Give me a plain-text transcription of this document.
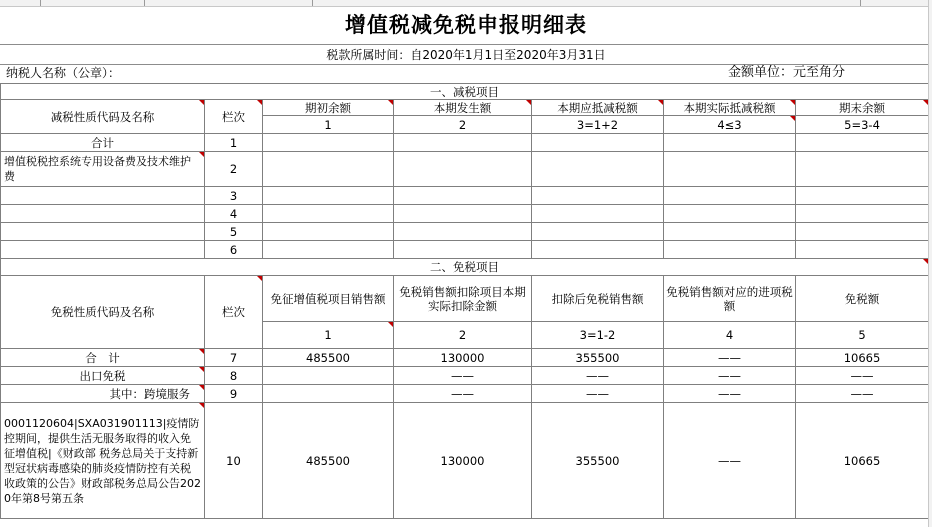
增值税减免税申报明细表
税款所属时间：自2020年1月1日至2020年3月31日
纳税人名称（公章）：	金额单位：元至角分
一、减税项目						
减税性质代码及名称	栏次	期初余额	本期发生额	本期应抵减税额	本期实际抵减税额	期末余额
		1	2	3=1+2	4≤3	5=3-4
合计	1					
增值税税控系统专用设备费及技术维护费	2					
	3					
	4					
	5					
	6					
二、免税项目						
免税性质代码及名称	栏次	免征增值税项目销售额	免税销售额扣除项目本期实际扣除金额	扣除后免税销售额	免税销售额对应的进项税额	免税额
		1	2	3=1-2	4	5
合　计	7	485500	130000	355500	——	10665
出口免税	8		——	——	——	——
其中：跨境服务	9		——	——	——	——
0001120604|SXA031901113|疫情防控期间，提供生活无服务取得的收入免征增值税|《财政部 税务总局关于支持新型冠状病毒感染的肺炎疫情防控有关税收政策的公告》财政部税务总局公告2020年第8号第五条	10	485500	130000	355500	——	10665
